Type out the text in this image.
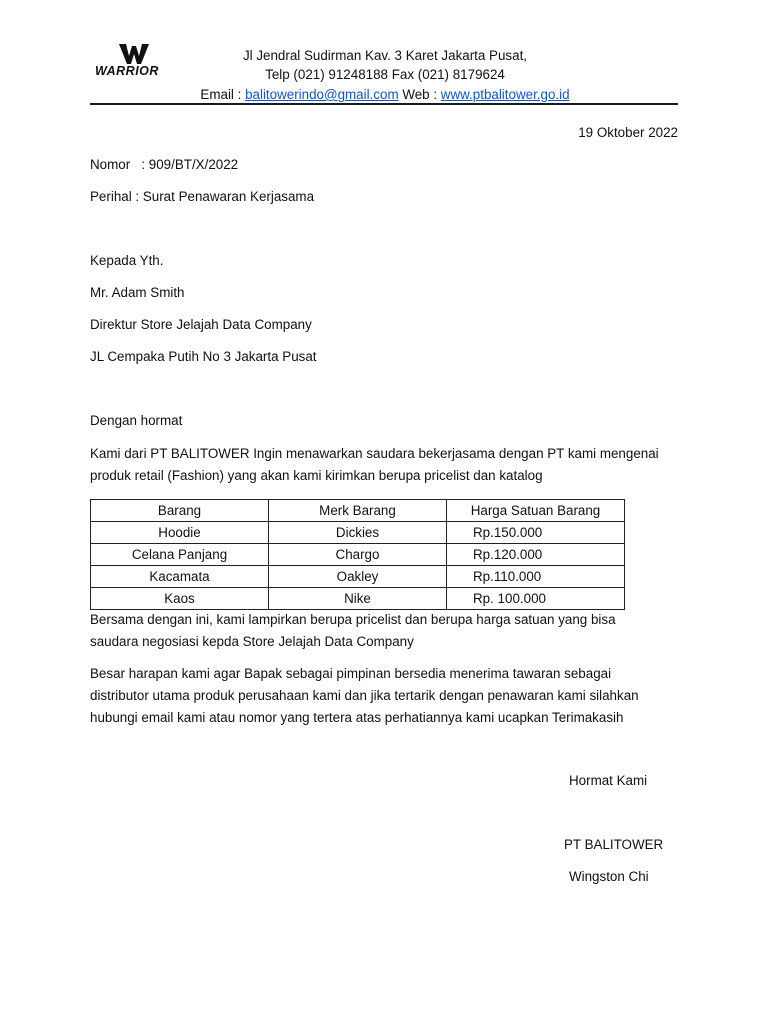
WARRIOR
Jl Jendral Sudirman Kav. 3 Karet Jakarta Pusat,
Telp (021) 91248188 Fax (021) 8179624
Email : balitowerindo@gmail.com Web : www.ptbalitower.go.id
19 Oktober 2022
Nomor   : 909/BT/X/2022
Perihal : Surat Penawaran Kerjasama
Kepada Yth.
Mr. Adam Smith
Direktur Store Jelajah Data Company
JL Cempaka Putih No 3 Jakarta Pusat
Dengan hormat
Kami dari PT BALITOWER Ingin menawarkan saudara bekerjasama dengan PT kami mengenai produk retail (Fashion) yang akan kami kirimkan berupa pricelist dan katalog
Barang	Merk Barang	Harga Satuan Barang
Hoodie	Dickies	Rp.150.000
Celana Panjang	Chargo	Rp.120.000
Kacamata	Oakley	Rp.110.000
Kaos	Nike	Rp. 100.000
Bersama dengan ini, kami lampirkan berupa pricelist dan berupa harga satuan yang bisa saudara negosiasi kepda Store Jelajah Data Company
Besar harapan kami agar Bapak sebagai pimpinan bersedia menerima tawaran sebagai distributor utama produk perusahaan kami dan jika tertarik dengan penawaran kami silahkan hubungi email kami atau nomor yang tertera atas perhatiannya kami ucapkan Terimakasih
Hormat Kami
PT BALITOWER
Wingston Chi
